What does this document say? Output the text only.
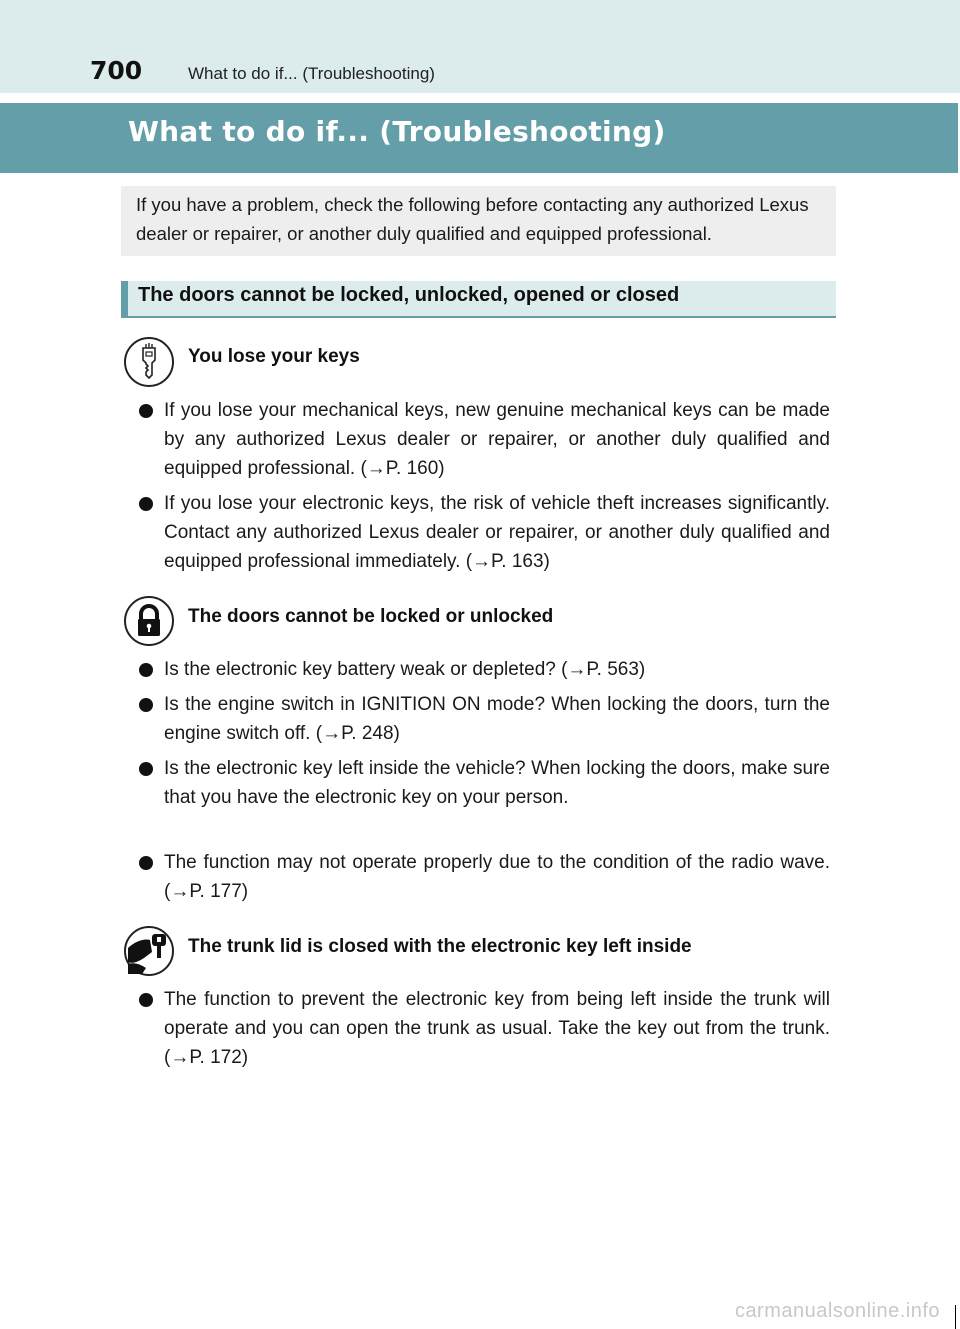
700	What to do if... (Troubleshooting)
What to do if... (Troubleshooting)
If you have a problem, check the following before contacting any authorized Lexus dealer or repairer, or another duly qualified and equipped professional.
The doors cannot be locked, unlocked, opened or closed
You lose your keys
If you lose your mechanical keys, new genuine mechanical keys can be made by any authorized Lexus dealer or repairer, or another duly qualified and equipped professional. (→P. 160)
If you lose your electronic keys, the risk of vehicle theft increases significantly. Contact any authorized Lexus dealer or repairer, or another duly qualified and equipped professional immediately. (→P. 163)
The doors cannot be locked or unlocked
Is the electronic key battery weak or depleted? (→P. 563)
Is the engine switch in IGNITION ON mode? When locking the doors, turn the engine switch off. (→P. 248)
Is the electronic key left inside the vehicle? When locking the doors, make sure that you have the electronic key on your person.
The function may not operate properly due to the condition of the radio wave. (→P. 177)
The trunk lid is closed with the electronic key left inside
The function to prevent the electronic key from being left inside the trunk will operate and you can open the trunk as usual. Take the key out from the trunk. (→P. 172)
carmanualsonline.info
